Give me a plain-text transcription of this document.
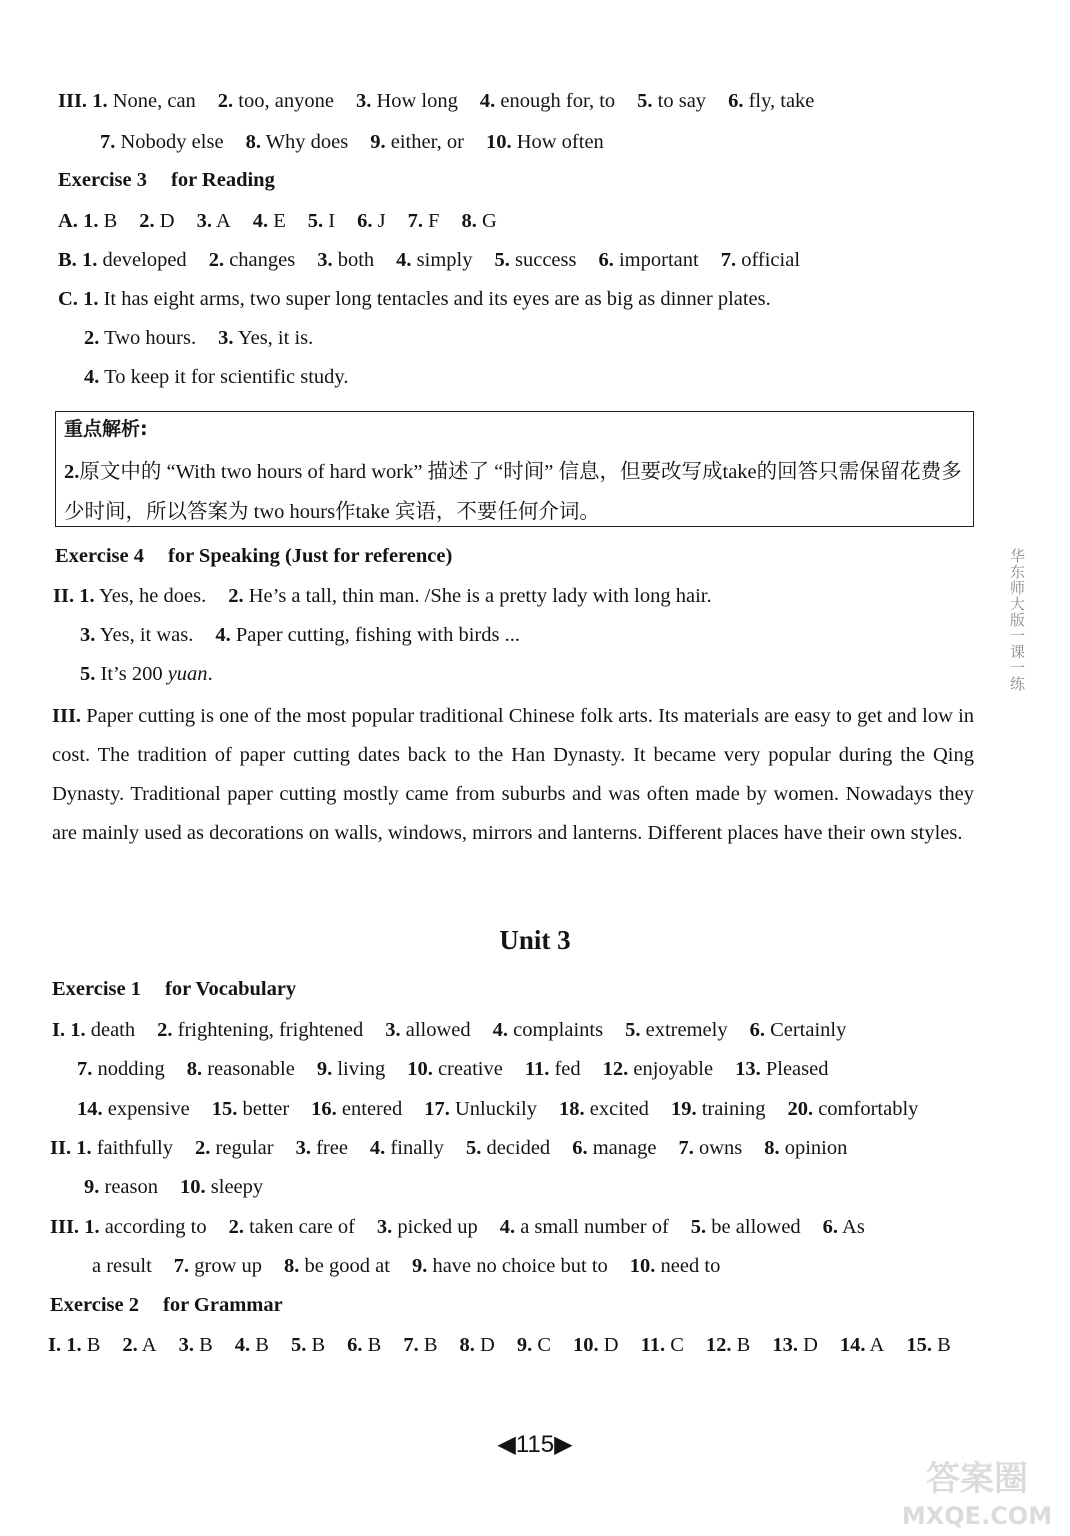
III. 1. None, can 2. too, anyone 3. How long 4. enough for, to 5. to say 6. fly, take
7. Nobody else 8. Why does 9. either, or 10. How often
A. 1. B 2. D 3. A 4. E 5. I 6. J 7. F 8. G
B. 1. developed 2. changes 3. both 4. simply 5. success 6. important 7. official
C. 1. It has eight arms, two super long tentacles and its eyes are as big as dinner plates.
2. Two hours. 3. Yes, it is.
4. To keep it for scientific study.
II. 1. Yes, he does. 2. He’s a tall, thin man. /She is a pretty lady with long hair.
3. Yes, it was. 4. Paper cutting, fishing with birds ...
I. 1. death 2. frightening, frightened 3. allowed 4. complaints 5. extremely 6. Certainly
7. nodding 8. reasonable 9. living 10. creative 11. fed 12. enjoyable 13. Pleased
14. expensive 15. better 16. entered 17. Unluckily 18. excited 19. training 20. comfortably
II. 1. faithfully 2. regular 3. free 4. finally 5. decided 6. manage 7. owns 8. opinion
9. reason 10. sleepy
III. 1. according to 2. taken care of 3. picked up 4. a small number of 5. be allowed 6. As
a result 7. grow up 8. be good at 9. have no choice but to 10. need to
I. 1. B 2. A 3. B 4. B 5. B 6. B 7. B 8. D 9. C 10. D 11. C 12. B 13. D 14. A 15. B
Exercise 3 for Reading
Exercise 4 for Speaking (Just for reference)
Exercise 1 for Vocabulary
Exercise 2 for Grammar
5. It’s 200 yuan.

III. Paper cutting is one of the most popular traditional Chinese folk arts. Its materials are easy to get and low in cost. The tradition of paper cutting dates back to the Han Dynasty. It became very popular during the Qing Dynasty. Traditional paper cutting mostly came from suburbs and was often made by women. Nowadays they are mainly used as decorations on walls, windows, mirrors and lanterns. Different places have their own styles.

重点解析:
2.原文中的 “With two hours of hard work” 描述了 “时间” 信息，但要改写成take的回答只需保留花费多少时间，所以答案为 two hours作take 宾语，不要任何介词。
Unit 3
华东师大版一课一练
◀115▶
答案圈
MXQE.COM
